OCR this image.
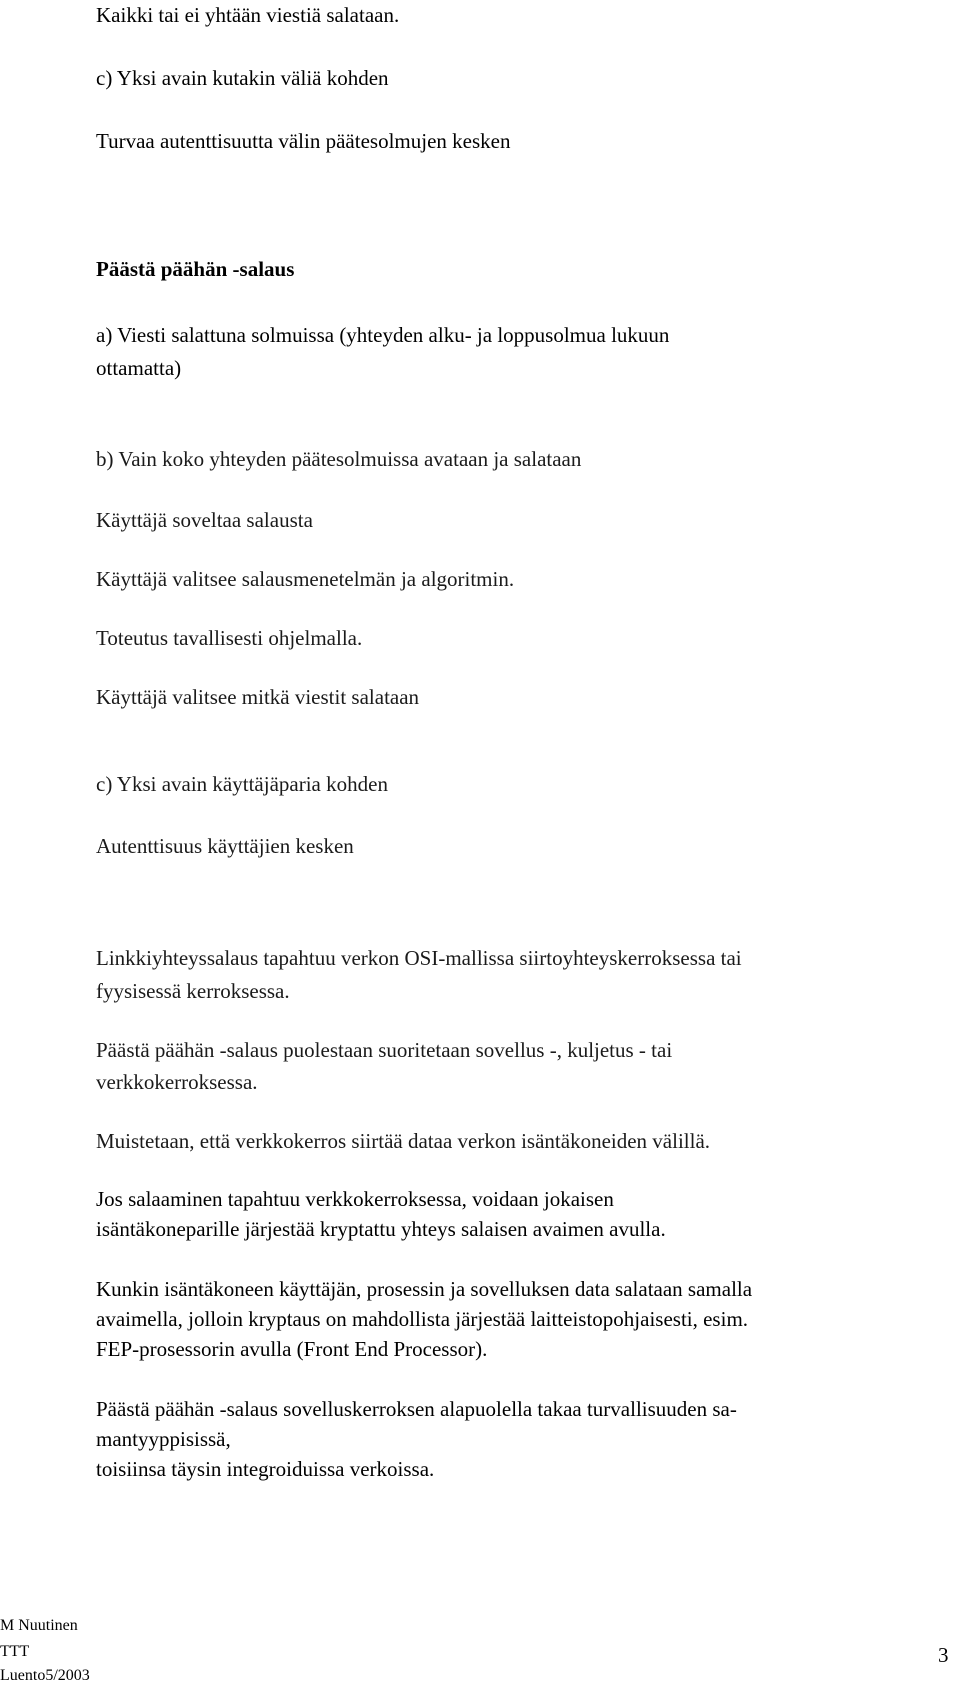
Kaikki tai ei yhtään viestiä salataan.
c) Yksi avain kutakin väliä kohden
Turvaa autenttisuutta välin päätesolmujen kesken
Päästä päähän -salaus
a) Viesti salattuna solmuissa (yhteyden alku- ja loppusolmua lukuun
ottamatta)
b) Vain koko yhteyden päätesolmuissa avataan ja salataan
Käyttäjä soveltaa salausta
Käyttäjä valitsee salausmenetelmän ja algoritmin.
Toteutus tavallisesti ohjelmalla.
Käyttäjä valitsee mitkä viestit salataan
c) Yksi avain käyttäjäparia kohden
Autenttisuus käyttäjien kesken
Linkkiyhteyssalaus tapahtuu verkon OSI-mallissa siirtoyhteyskerroksessa tai
fyysisessä kerroksessa.
Päästä päähän -salaus puolestaan suoritetaan sovellus -, kuljetus - tai
verkkokerroksessa.
Muistetaan, että verkkokerros siirtää dataa verkon isäntäkoneiden välillä.
Jos salaaminen tapahtuu verkkokerroksessa, voidaan jokaisen
isäntäkoneparille järjestää kryptattu yhteys salaisen avaimen avulla.
Kunkin isäntäkoneen käyttäjän, prosessin ja sovelluksen data salataan samalla
avaimella, jolloin kryptaus on mahdollista järjestää laitteistopohjaisesti, esim.
FEP-prosessorin avulla (Front End Processor).
Päästä päähän -salaus sovelluskerroksen alapuolella takaa turvallisuuden sa-
mantyyppisissä,
toisiinsa täysin integroiduissa verkoissa.
M Nuutinen
TTT
Luento5/2003
3
